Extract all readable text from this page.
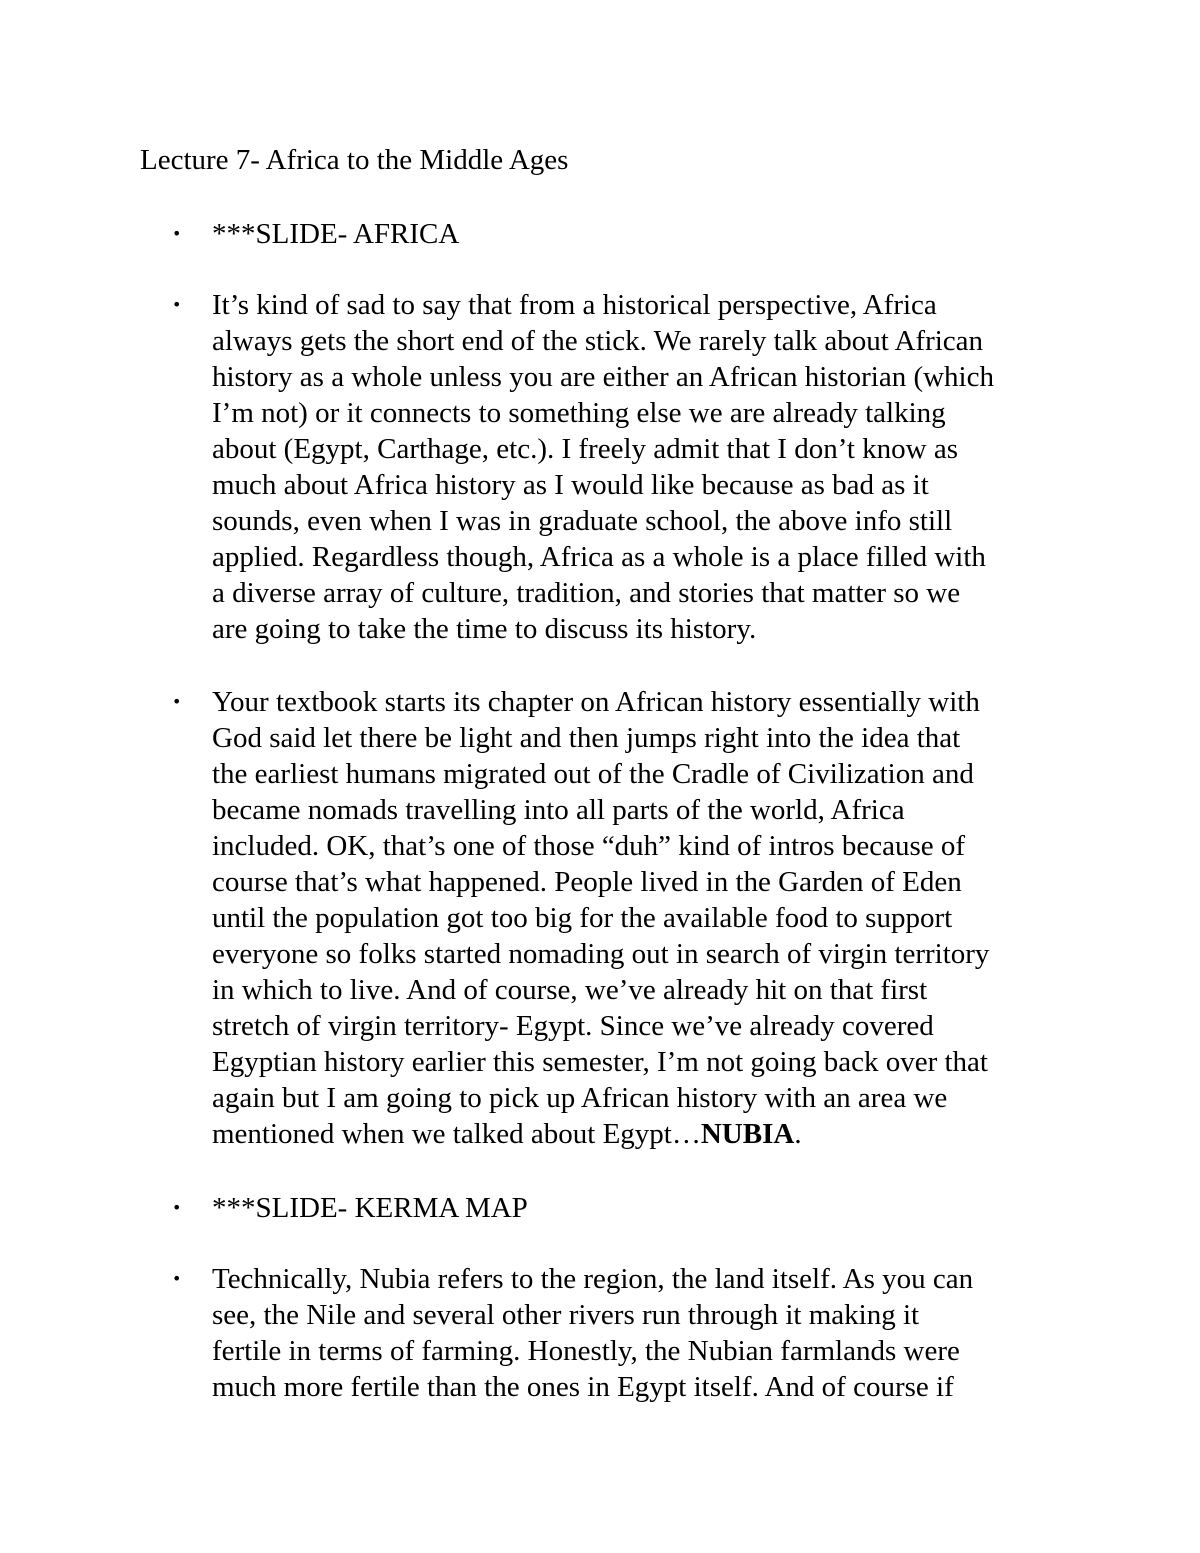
Lecture 7- Africa to the Middle Ages
•	***SLIDE- AFRICA
•	It’s kind of sad to say that from a historical perspective, Africa
always gets the short end of the stick. We rarely talk about African
history as a whole unless you are either an African historian (which
I’m not) or it connects to something else we are already talking
about (Egypt, Carthage, etc.). I freely admit that I don’t know as
much about Africa history as I would like because as bad as it
sounds, even when I was in graduate school, the above info still
applied. Regardless though, Africa as a whole is a place filled with
a diverse array of culture, tradition, and stories that matter so we
are going to take the time to discuss its history.
•	Your textbook starts its chapter on African history essentially with
God said let there be light and then jumps right into the idea that
the earliest humans migrated out of the Cradle of Civilization and
became nomads travelling into all parts of the world, Africa
included. OK, that’s one of those “duh” kind of intros because of
course that’s what happened. People lived in the Garden of Eden
until the population got too big for the available food to support
everyone so folks started nomading out in search of virgin territory
in which to live. And of course, we’ve already hit on that first
stretch of virgin territory- Egypt. Since we’ve already covered
Egyptian history earlier this semester, I’m not going back over that
again but I am going to pick up African history with an area we
mentioned when we talked about Egypt…NUBIA.
•	***SLIDE- KERMA MAP
•	Technically, Nubia refers to the region, the land itself. As you can
see, the Nile and several other rivers run through it making it
fertile in terms of farming. Honestly, the Nubian farmlands were
much more fertile than the ones in Egypt itself. And of course if
